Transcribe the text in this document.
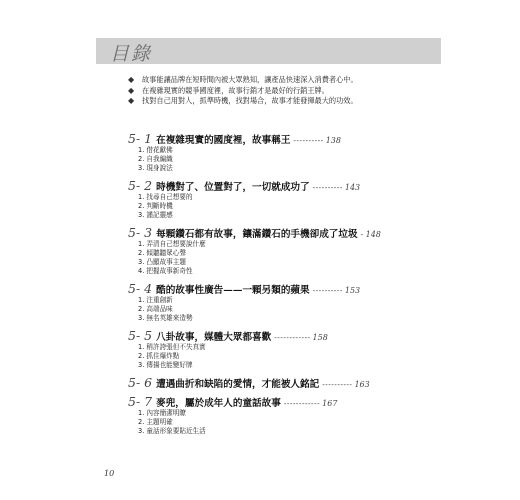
目錄
◆ 故事能讓品牌在短時間內被大眾熟知，讓產品快速深入消費者心中。
◆ 在複雜現實的競爭國度裡，故事行銷才是最好的行銷王牌。
◆ 找對自己用對人，抓準時機，找對場合，故事才能發揮最大的功效。
5- 1 在複雜現實的國度裡，故事稱王 ---------- 138
1. 借花獻佛
2. 自我編織
3. 現身說法
5- 2 時機對了、位置對了，一切就成功了 ---------- 143
1. 找尋自己想要的
2. 判斷時機
3. 謹記靈感
5- 3 每顆鑽石都有故事，鑲滿鑽石的手機卻成了垃圾 - 148
1. 弄清自己想要說什麼
2. 傾聽聽眾心聲
3. 凸顯故事主題
4. 把握故事新奇性
5- 4 酷的故事性廣告——一顆另類的蘋果 ---------- 153
1. 注重創新
2. 高端品味
3. 無名英雄來造勢
5- 5 八卦故事，媒體大眾都喜歡 ------------ 158
1. 稍許誇張但不失真實
2. 抓住爆炸點
3. 傳揚也能變好牌
5- 6 遭遇曲折和缺陷的愛情，才能被人銘記 ---------- 163
5- 7 麥兜，屬於成年人的童話故事 ------------ 167
1. 內容簡潔明瞭
2. 主題明確
3. 童話形象要貼近生活
10
